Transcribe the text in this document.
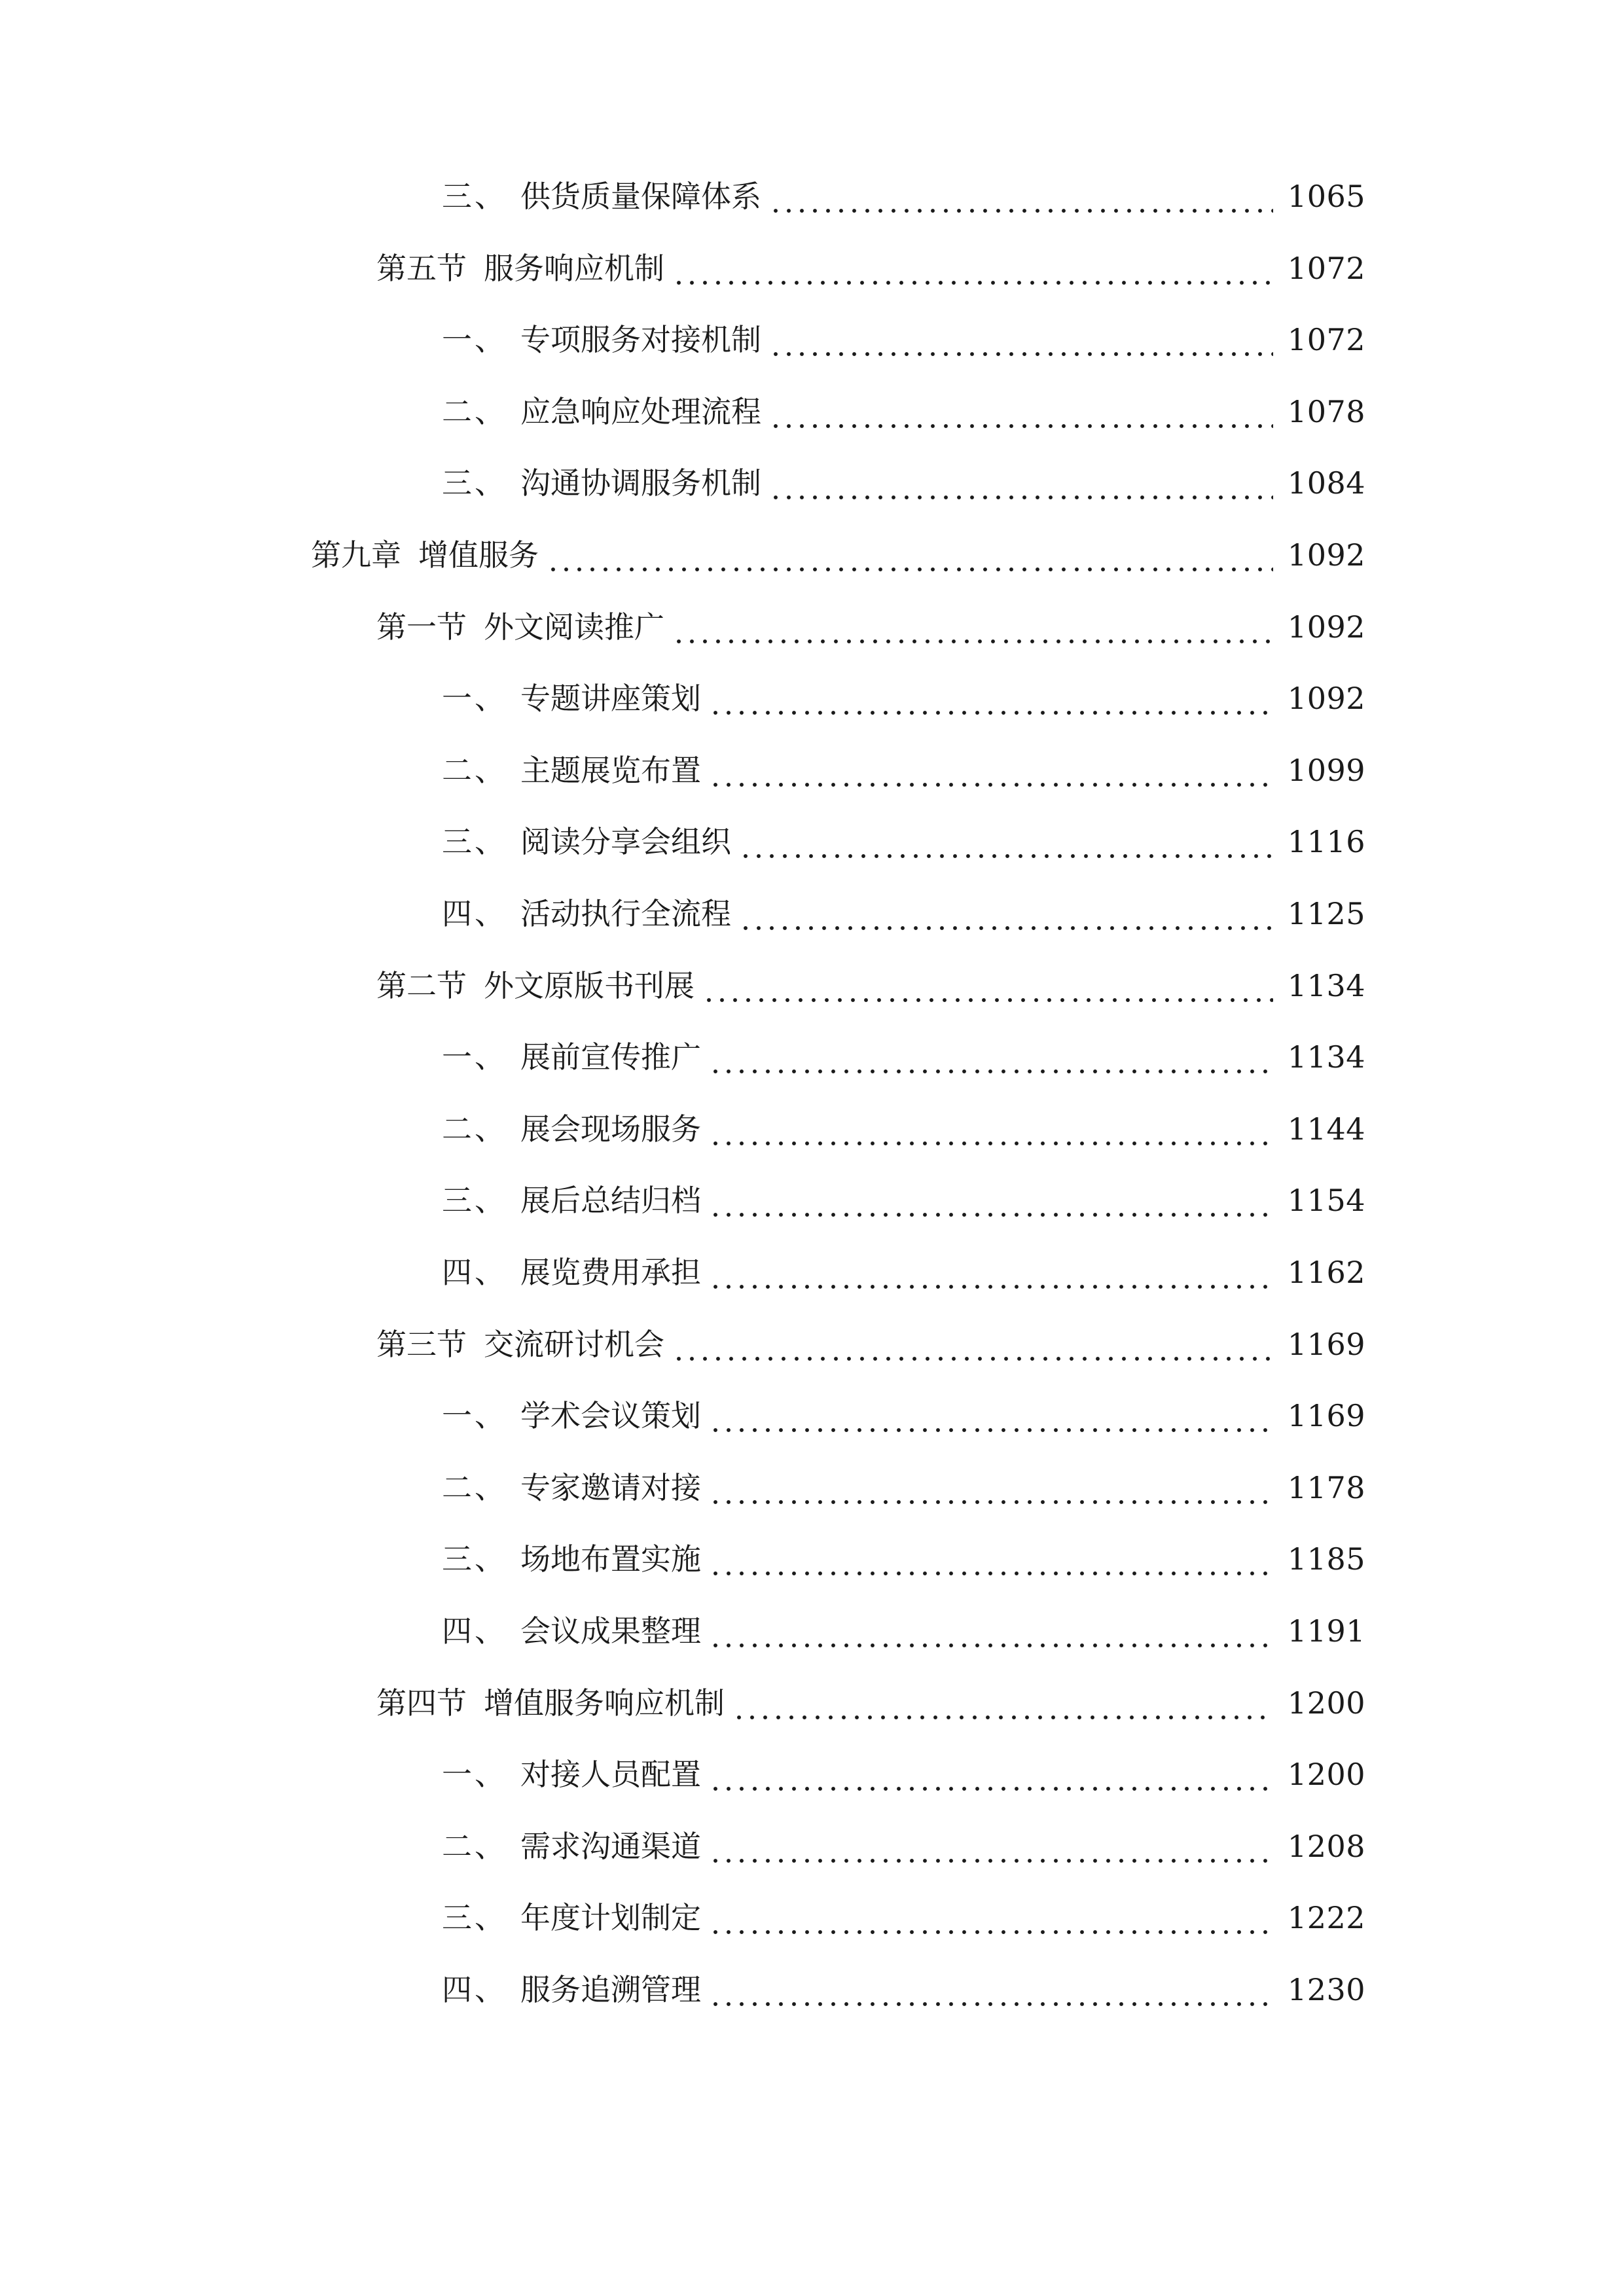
三、 供货质量保障体系	1065
第五节 服务响应机制	1072
一、 专项服务对接机制	1072
二、 应急响应处理流程	1078
三、 沟通协调服务机制	1084
第九章 增值服务	1092
第一节 外文阅读推广	1092
一、 专题讲座策划	1092
二、 主题展览布置	1099
三、 阅读分享会组织	1116
四、 活动执行全流程	1125
第二节 外文原版书刊展	1134
一、 展前宣传推广	1134
二、 展会现场服务	1144
三、 展后总结归档	1154
四、 展览费用承担	1162
第三节 交流研讨机会	1169
一、 学术会议策划	1169
二、 专家邀请对接	1178
三、 场地布置实施	1185
四、 会议成果整理	1191
第四节 增值服务响应机制	1200
一、 对接人员配置	1200
二、 需求沟通渠道	1208
三、 年度计划制定	1222
四、 服务追溯管理	1230
